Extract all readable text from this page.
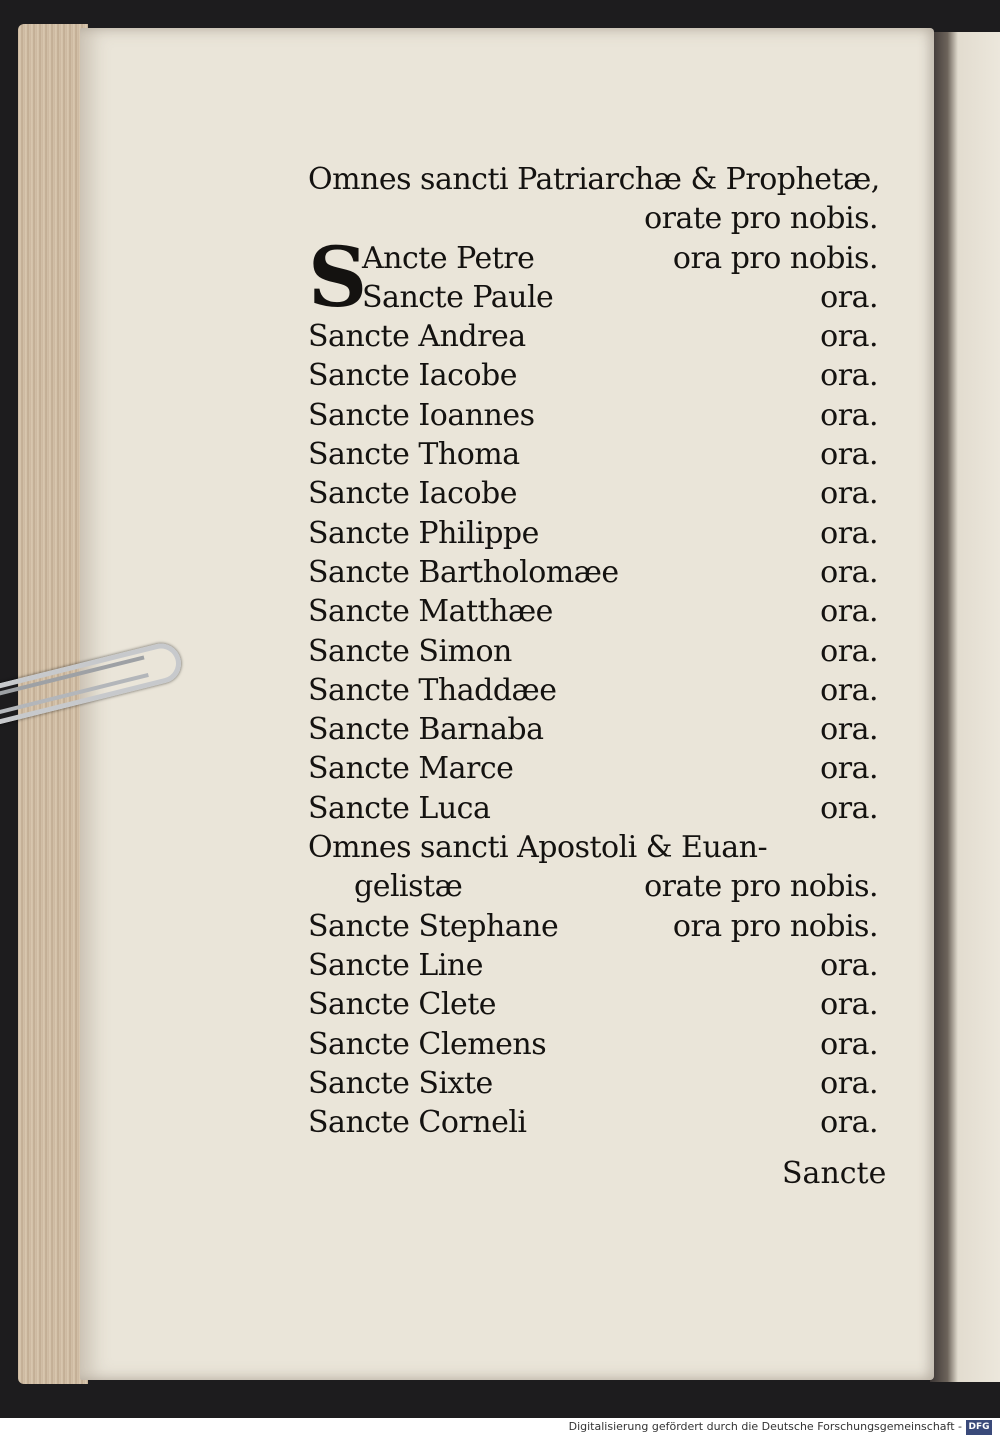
Omnes sancti Patriarchæ & Prophetæ,
orate pro nobis.
S
Ancte Petre	ora pro nobis.
Sancte Paule	ora.
Sancte Andrea	ora.
Sancte Iacobe	ora.
Sancte Ioannes	ora.
Sancte Thoma	ora.
Sancte Iacobe	ora.
Sancte Philippe	ora.
Sancte Bartholomæe	ora.
Sancte Matthæe	ora.
Sancte Simon	ora.
Sancte Thaddæe	ora.
Sancte Barnaba	ora.
Sancte Marce	ora.
Sancte Luca	ora.
Omnes sancti Apostoli & Euan-
gelistæ	orate pro nobis.
Sancte Stephane	ora pro nobis.
Sancte Line	ora.
Sancte Clete	ora.
Sancte Clemens	ora.
Sancte Sixte	ora.
Sancte Corneli	ora.
Sancte
Digitalisierung gefördert durch die Deutsche Forschungsgemeinschaft - DFG
